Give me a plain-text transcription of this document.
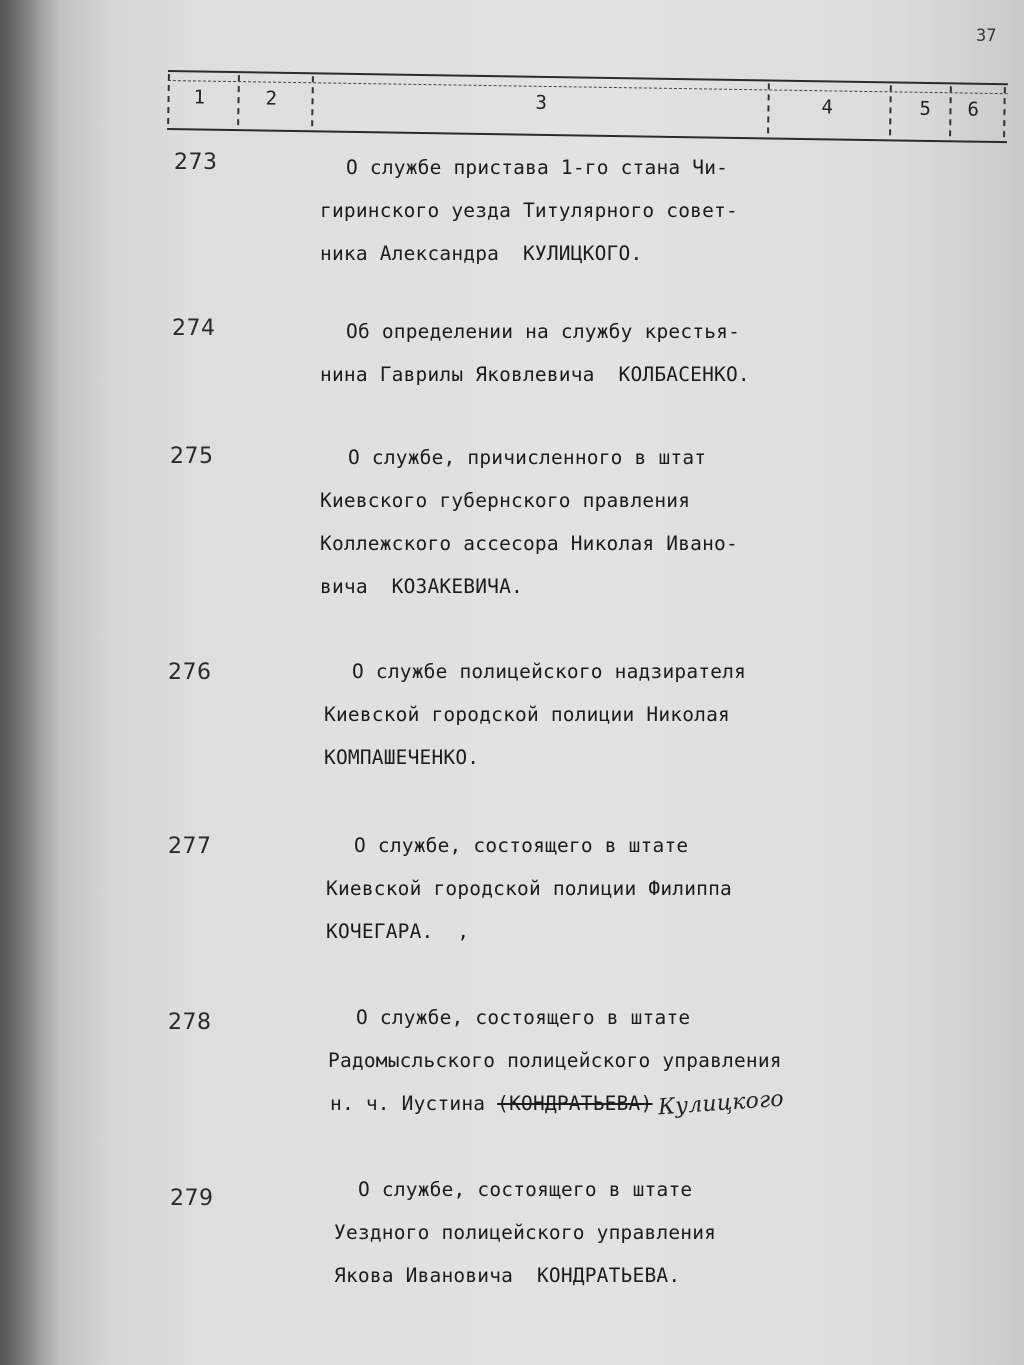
37
1	2	3	4	5 6
273	О службе пристава 1-го стана Чи-
гиринского уезда Титулярного совет-
ника Александра  КУЛИЦКОГО.
274	Об определении на службу крестья-
нина Гаврилы Яковлевича  КОЛБАСЕНКО.
275	О службе, причисленного в штат
Киевского губернского правления
Коллежского ассесора Николая Ивано-
вича  КОЗАКЕВИЧА.
276	О службе полицейского надзирателя
Киевской городской полиции Николая
КОМПАШЕЧЕНКО.
277	О службе, состоящего в штате
Киевской городской полиции Филиппа
КОЧЕГАРА.  ,
278	О службе, состоящего в штате
Радомысльского полицейского управления
н. ч. Иустина (КОНДРАТЬЕВА) Кулицкого
279	О службе, состоящего в штате
Уездного полицейского управления
Якова Ивановича  КОНДРАТЬЕВА.
